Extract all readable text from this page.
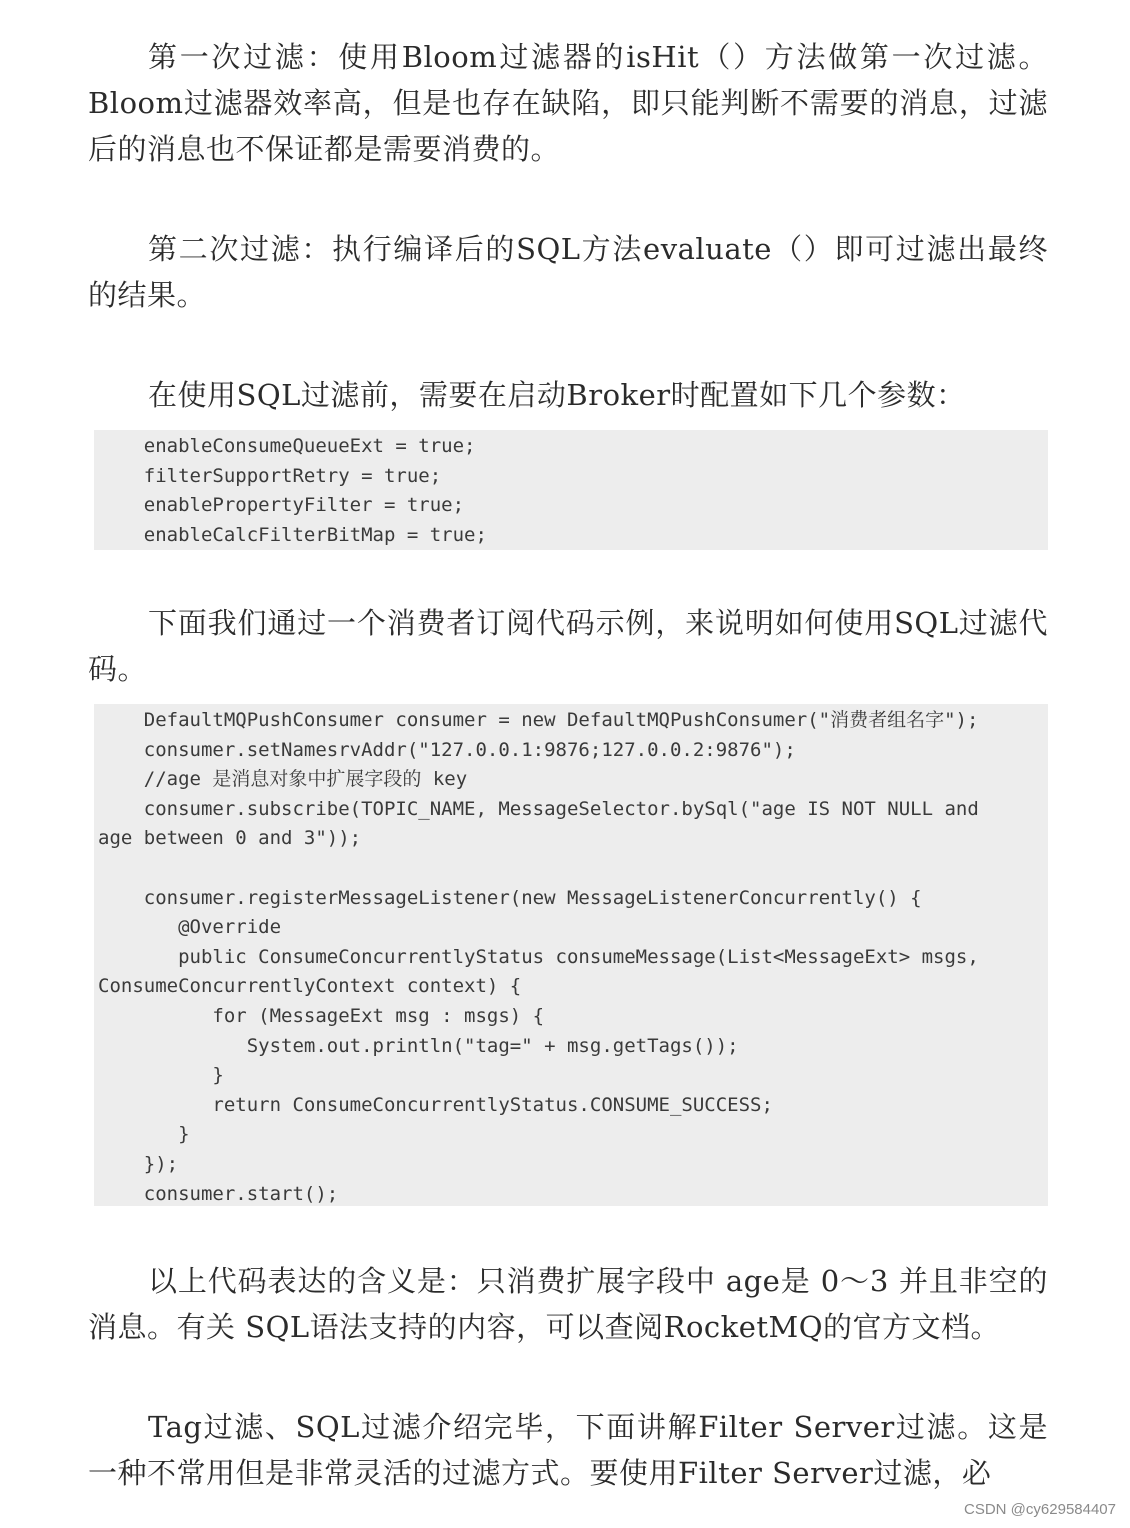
第一次过滤：使用Bloom过滤器的isHit（）方法做第一次过滤。Bloom过滤器效率高，但是也存在缺陷，即只能判断不需要的消息，过滤后的消息也不保证都是需要消费的。

第二次过滤：执行编译后的SQL方法evaluate（）即可过滤出最终的结果。

在使用SQL过滤前，需要在启动Broker时配置如下几个参数：

enableConsumeQueueExt = true;
filterSupportRetry = true;
enablePropertyFilter = true;
enableCalcFilterBitMap = true;

下面我们通过一个消费者订阅代码示例，来说明如何使用SQL过滤代码。

DefaultMQPushConsumer consumer = new DefaultMQPushConsumer("消费者组名字");
consumer.setNamesrvAddr("127.0.0.1:9876;127.0.0.2:9876");
//age 是消息对象中扩展字段的 key
consumer.subscribe(TOPIC_NAME, MessageSelector.bySql("age IS NOT NULL and
age between 0 and 3"));
consumer.registerMessageListener(new MessageListenerConcurrently() {
@Override
public ConsumeConcurrentlyStatus consumeMessage(List<MessageExt> msgs,
ConsumeConcurrentlyContext context) {
for (MessageExt msg : msgs) {
System.out.println("tag=" + msg.getTags());
}
return ConsumeConcurrentlyStatus.CONSUME_SUCCESS;
}
});
consumer.start();

以上代码表达的含义是：只消费扩展字段中 age是 0～3 并且非空的消息。有关 SQL语法支持的内容，可以查阅RocketMQ的官方文档。

Tag过滤、SQL过滤介绍完毕，下面讲解Filter Server过滤。这是一种不常用但是非常灵活的过滤方式。要使用Filter Server过滤，必

CSDN @cy629584407
